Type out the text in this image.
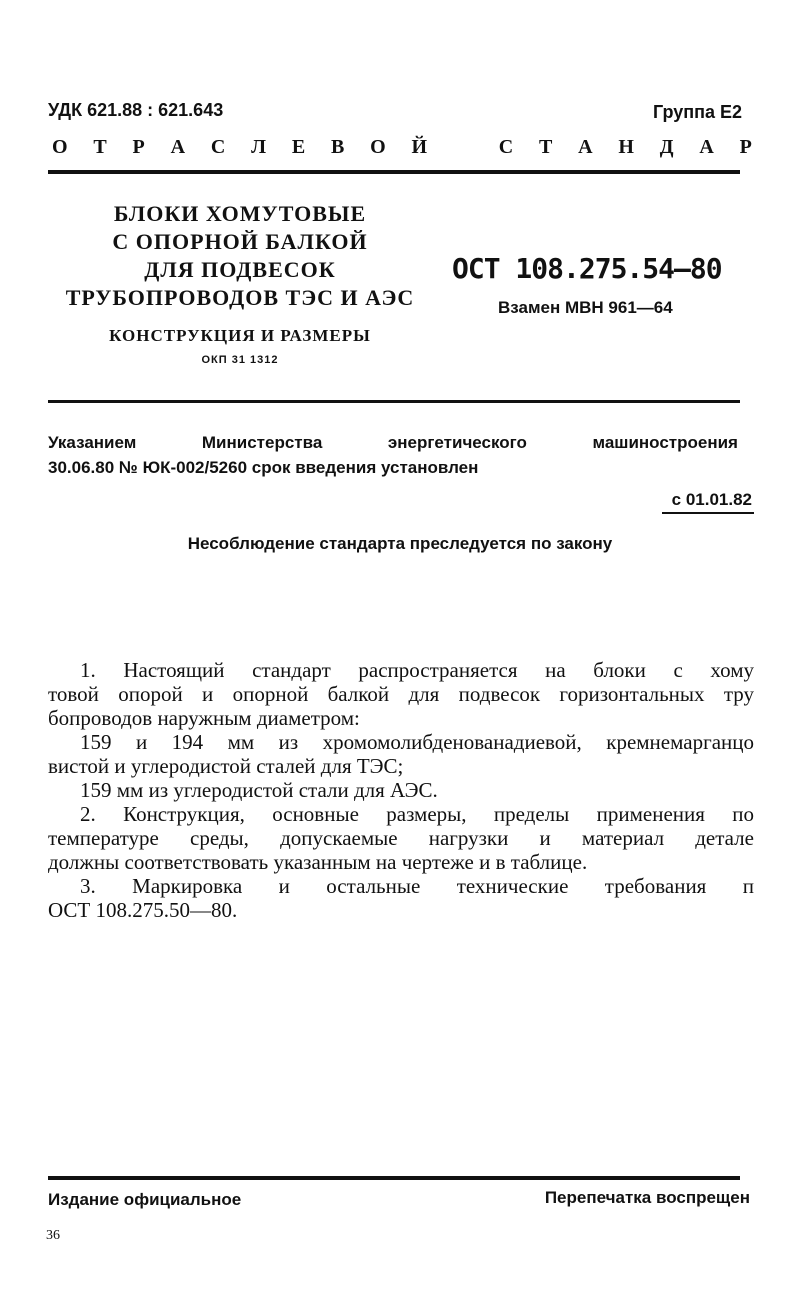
УДК 621.88 : 621.643	Группа Е2
О Т Р А С Л Е В О Й	С Т А Н Д А Р
БЛОКИ ХОМУТОВЫЕ
С ОПОРНОЙ БАЛКОЙ
ДЛЯ ПОДВЕСОК
ТРУБОПРОВОДОВ ТЭС И АЭС
КОНСТРУКЦИЯ И РАЗМЕРЫ
ОКП 31 1312
ОСТ 108.275.54—80
Взамен МВН 961—64
Указанием	Министерства	энергетического	машиностроения
30.06.80 № ЮК-002/5260 срок введения установлен
с 01.01.82
Несоблюдение стандарта преследуется по закону

1. Настоящий стандарт распространяется на блоки с хому

товой опорой и опорной балкой для подвесок горизонтальных тру

бопроводов наружным диаметром:

159 и 194 мм из хромомолибденованадиевой, кремнемарганцо

вистой и углеродистой сталей для ТЭС;

159 мм из углеродистой стали для АЭС.

2. Конструкция, основные размеры, пределы применения по

температуре среды, допускаемые нагрузки и материал детале

должны соответствовать указанным на чертеже и в таблице.

3. Маркировка и остальные технические требования п

ОСТ 108.275.50—80.

Издание официальное	Перепечатка воспрещен
36
